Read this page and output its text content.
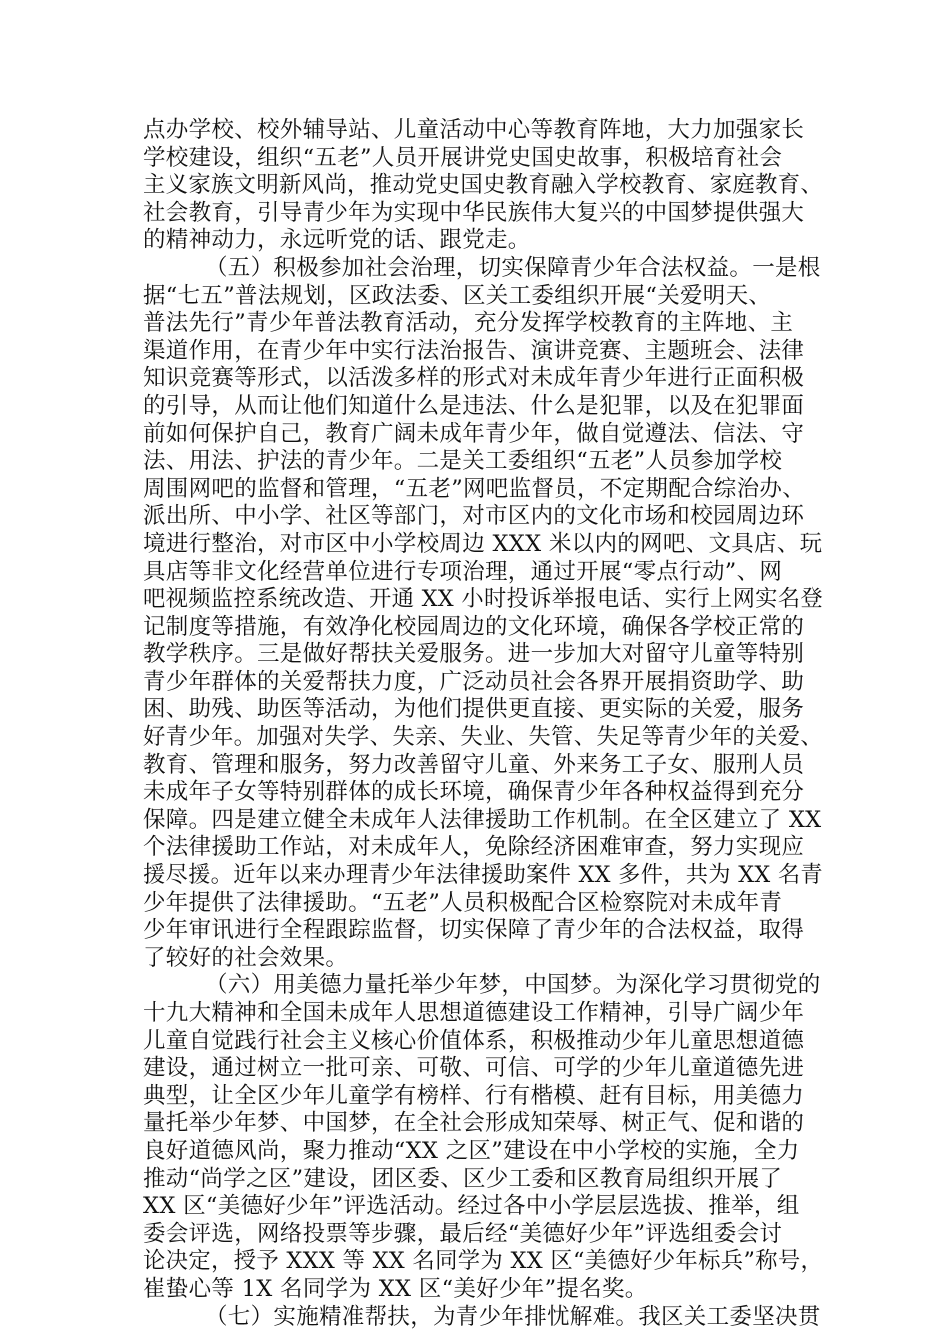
点办学校、校外辅导站、儿童活动中心等教育阵地，大力加强家长
学校建设，组织“五老”人员开展讲党史国史故事，积极培育社会
主义家族文明新风尚，推动党史国史教育融入学校教育、家庭教育、
社会教育，引导青少年为实现中华民族伟大复兴的中国梦提供强大
的精神动力，永远听党的话、跟党走。
（五）积极参加社会治理，切实保障青少年合法权益。一是根
据“七五”普法规划，区政法委、区关工委组织开展“关爱明天、
普法先行”青少年普法教育活动，充分发挥学校教育的主阵地、主
渠道作用，在青少年中实行法治报告、演讲竞赛、主题班会、法律
知识竞赛等形式，以活泼多样的形式对未成年青少年进行正面积极
的引导，从而让他们知道什么是违法、什么是犯罪，以及在犯罪面
前如何保护自己，教育广阔未成年青少年，做自觉遵法、信法、守
法、用法、护法的青少年。二是关工委组织“五老”人员参加学校
周围网吧的监督和管理，“五老”网吧监督员，不定期配合综治办、
派出所、中小学、社区等部门，对市区内的文化市场和校园周边环
境进行整治，对市区中小学校周边 XXX 米以内的网吧、文具店、玩
具店等非文化经营单位进行专项治理，通过开展“零点行动”、网
吧视频监控系统改造、开通 XX 小时投诉举报电话、实行上网实名登
记制度等措施，有效净化校园周边的文化环境，确保各学校正常的
教学秩序。三是做好帮扶关爱服务。进一步加大对留守儿童等特别
青少年群体的关爱帮扶力度，广泛动员社会各界开展捐资助学、助
困、助残、助医等活动，为他们提供更直接、更实际的关爱，服务
好青少年。加强对失学、失亲、失业、失管、失足等青少年的关爱、
教育、管理和服务，努力改善留守儿童、外来务工子女、服刑人员
未成年子女等特别群体的成长环境，确保青少年各种权益得到充分
保障。四是建立健全未成年人法律援助工作机制。在全区建立了 XX
个法律援助工作站，对未成年人，免除经济困难审查，努力实现应
援尽援。近年以来办理青少年法律援助案件 XX 多件，共为 XX 名青
少年提供了法律援助。“五老”人员积极配合区检察院对未成年青
少年审讯进行全程跟踪监督，切实保障了青少年的合法权益，取得
了较好的社会效果。
（六）用美德力量托举少年梦，中国梦。为深化学习贯彻党的
十九大精神和全国未成年人思想道德建设工作精神，引导广阔少年
儿童自觉践行社会主义核心价值体系，积极推动少年儿童思想道德
建设，通过树立一批可亲、可敬、可信、可学的少年儿童道德先进
典型，让全区少年儿童学有榜样、行有楷模、赶有目标，用美德力
量托举少年梦、中国梦，在全社会形成知荣辱、树正气、促和谐的
良好道德风尚，聚力推动“XX 之区”建设在中小学校的实施，全力
推动“尚学之区”建设，团区委、区少工委和区教育局组织开展了
XX 区“美德好少年”评选活动。经过各中小学层层选拔、推举，组
委会评选，网络投票等步骤，最后经“美德好少年”评选组委会讨
论决定，授予 XXX 等 XX 名同学为 XX 区“美德好少年标兵”称号，
崔蛰心等 1X 名同学为 XX 区“美好少年”提名奖。
（七）实施精准帮扶，为青少年排忧解难。我区关工委坚决贯
